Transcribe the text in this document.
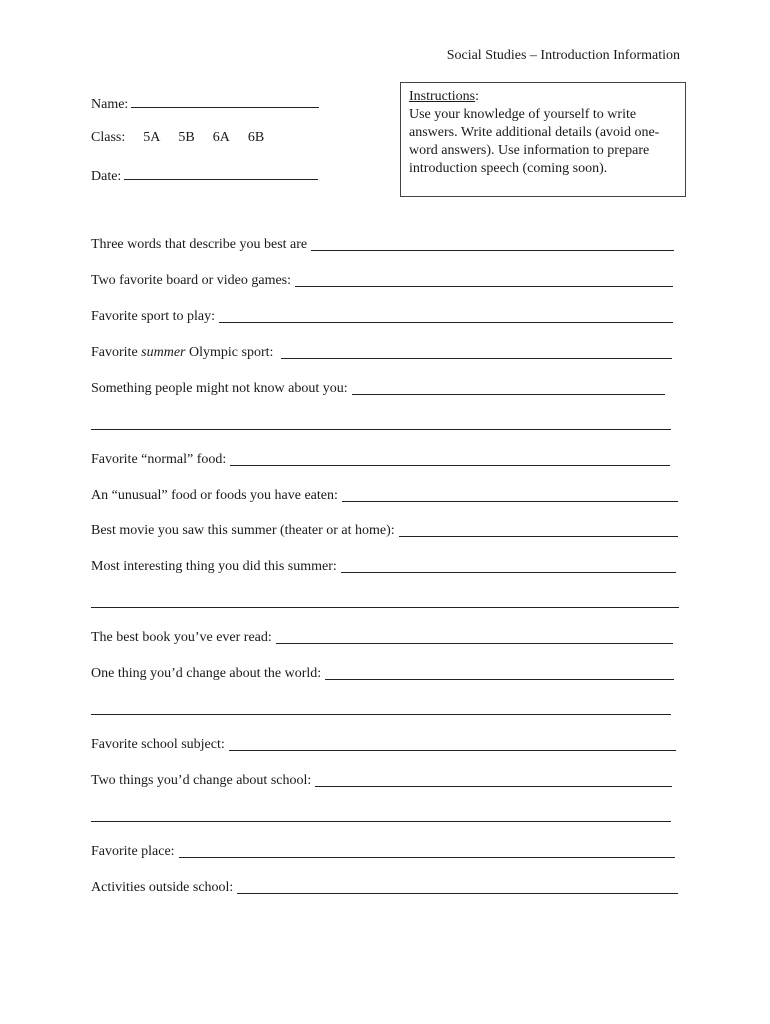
Social Studies – Introduction Information
Name:
Class: 5A 5B 6A 6B
Date:
Instructions:
Use your knowledge of yourself to write answers. Write additional details (avoid one-word answers). Use information to prepare introduction speech (coming soon).
Three words that describe you best are
Two favorite board or video games:
Favorite sport to play:
Favorite summer Olympic sport:
Something people might not know about you:
Favorite “normal” food:
An “unusual” food or foods you have eaten:
Best movie you saw this summer (theater or at home):
Most interesting thing you did this summer:
The best book you’ve ever read:
One thing you’d change about the world:
Favorite school subject:
Two things you’d change about school:
Favorite place:
Activities outside school:
